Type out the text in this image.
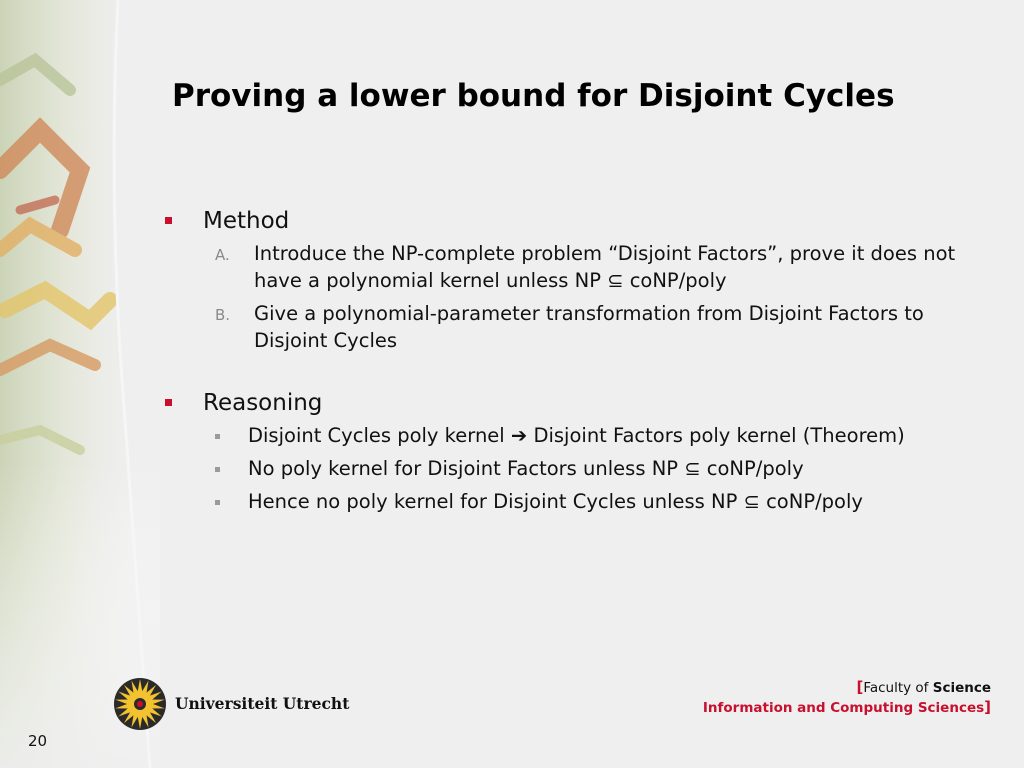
Proving a lower bound for Disjoint Cycles
Method
A. Introduce the NP-complete problem “Disjoint Factors”, prove it does not have a polynomial kernel unless NP ⊆ coNP/poly
B. Give a polynomial-parameter transformation from Disjoint Factors to Disjoint Cycles
Reasoning
Disjoint Cycles poly kernel ➔ Disjoint Factors poly kernel (Theorem)
No poly kernel for Disjoint Factors unless NP ⊆ coNP/poly
Hence no poly kernel for Disjoint Cycles unless NP ⊆ coNP/poly
Universiteit Utrecht
[Faculty of Science
Information and Computing Sciences]
20
